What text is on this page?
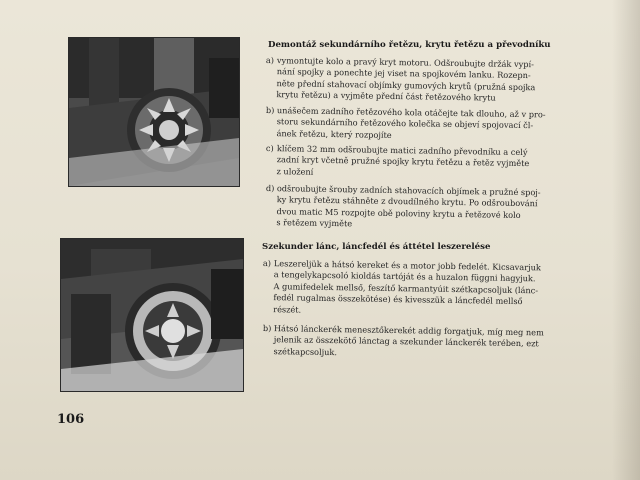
Demontáž sekundárního řetězu, krytu řetězu a převodníku
a) vymontujte kolo a pravý kryt motoru. Odšroubujte držák vypí-
nání spojky a ponechte jej viset na spojkovém lanku. Rozepn-
něte přední stahovací objímky gumových krytů (pružná spojka
krytu řetězu) a vyjměte přední část řetězového krytu
b) unášečem zadního řetězového kola otáčejte tak dlouho, až v pro-
storu sekundárního řetězového kolečka se objeví spojovací čl-
ánek řetězu, který rozpojíte
c) klíčem 32 mm odšroubujte matici zadního převodníku a celý
zadní kryt včetně pružné spojky krytu řetězu a řetěz vyjměte
z uložení
d) odšroubujte šrouby zadních stahovacích objímek a pružné spoj-
ky krytu řetězu stáhněte z dvoudílného krytu. Po odšroubování
dvou matic M5 rozpojte obě poloviny krytu a řetězové kolo
s řetězem vyjměte
Szekunder lánc, láncfedél és áttétel leszerelése
a) Leszereljük a hátsó kereket és a motor jobb fedelét. Kicsavarjuk
a tengelykapcsoló kioldás tartóját és a huzalon függni hagyjuk.
A gumifedelek mellső, feszítő karmantyúit szétkapcsoljuk (lánc-
fedél rugalmas összekötése) és kivesszük a láncfedél mellső
részét.
b) Hátsó lánckerék menesztőkerekét addig forgatjuk, míg meg nem
jelenik az összekötő lánctag a szekunder lánckerék terében, ezt
szétkapcsoljuk.
106
